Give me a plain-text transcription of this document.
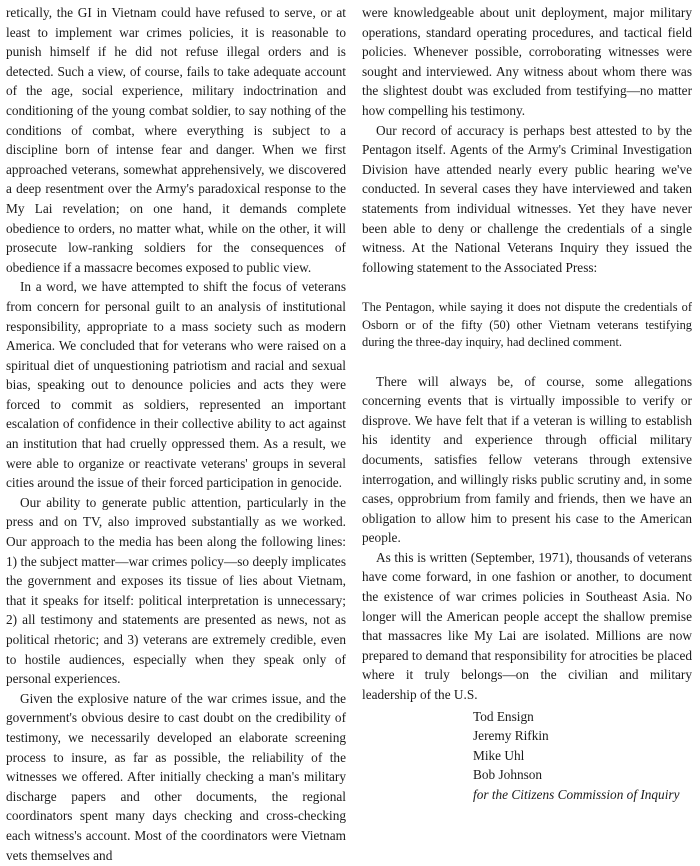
retically, the GI in Vietnam could have refused to serve, or at least to implement war crimes policies, it is reasonable to punish himself if he did not refuse illegal orders and is detected. Such a view, of course, fails to take adequate account of the age, social experience, military indoctrination and conditioning of the young combat soldier, to say nothing of the conditions of combat, where everything is subject to a discipline born of intense fear and danger. When we first approached veterans, somewhat apprehensively, we discovered a deep resentment over the Army's paradoxical response to the My Lai revelation; on one hand, it demands complete obedience to orders, no matter what, while on the other, it will prosecute low-ranking soldiers for the consequences of obedience if a massacre becomes exposed to public view.

In a word, we have attempted to shift the focus of veterans from concern for personal guilt to an analysis of institutional responsibility, appropriate to a mass society such as modern America. We concluded that for veterans who were raised on a spiritual diet of unquestioning patriotism and racial and sexual bias, speaking out to denounce policies and acts they were forced to commit as soldiers, represented an important escalation of confidence in their collective ability to act against an institution that had cruelly oppressed them. As a result, we were able to organize or reactivate veterans' groups in several cities around the issue of their forced participation in genocide.

Our ability to generate public attention, particularly in the press and on TV, also improved substantially as we worked. Our approach to the media has been along the following lines: 1) the subject matter—war crimes policy—so deeply implicates the government and exposes its tissue of lies about Vietnam, that it speaks for itself: political interpretation is unnecessary; 2) all testimony and statements are presented as news, not as political rhetoric; and 3) veterans are extremely credible, even to hostile audiences, especially when they speak only of personal experiences.

Given the explosive nature of the war crimes issue, and the government's obvious desire to cast doubt on the credibility of testimony, we necessarily developed an elaborate screening process to insure, as far as possible, the reliability of the witnesses we offered. After initially checking a man's military discharge papers and other documents, the regional coordinators spent many days checking and cross-checking each witness's account. Most of the coordinators were Vietnam vets themselves and

were knowledgeable about unit deployment, major military operations, standard operating procedures, and tactical field policies. Whenever possible, corroborating witnesses were sought and interviewed. Any witness about whom there was the slightest doubt was excluded from testifying—no matter how compelling his testimony.

Our record of accuracy is perhaps best attested to by the Pentagon itself. Agents of the Army's Criminal Investigation Division have attended nearly every public hearing we've conducted. In several cases they have interviewed and taken statements from individual witnesses. Yet they have never been able to deny or challenge the credentials of a single witness. At the National Veterans Inquiry they issued the following statement to the Associated Press:

The Pentagon, while saying it does not dispute the credentials of Osborn or of the fifty (50) other Vietnam veterans testifying during the three-day inquiry, had declined comment.

There will always be, of course, some allegations concerning events that is virtually impossible to verify or disprove. We have felt that if a veteran is willing to establish his identity and experience through official military documents, satisfies fellow veterans through extensive interrogation, and willingly risks public scrutiny and, in some cases, opprobrium from family and friends, then we have an obligation to allow him to present his case to the American people.

As this is written (September, 1971), thousands of veterans have come forward, in one fashion or another, to document the existence of war crimes policies in Southeast Asia. No longer will the American people accept the shallow premise that massacres like My Lai are isolated. Millions are now prepared to demand that responsibility for atrocities be placed where it truly belongs—on the civilian and military leadership of the U.S.

Tod Ensign
Jeremy Rifkin
Mike Uhl
Bob Johnson
for the Citizens Commission of Inquiry
